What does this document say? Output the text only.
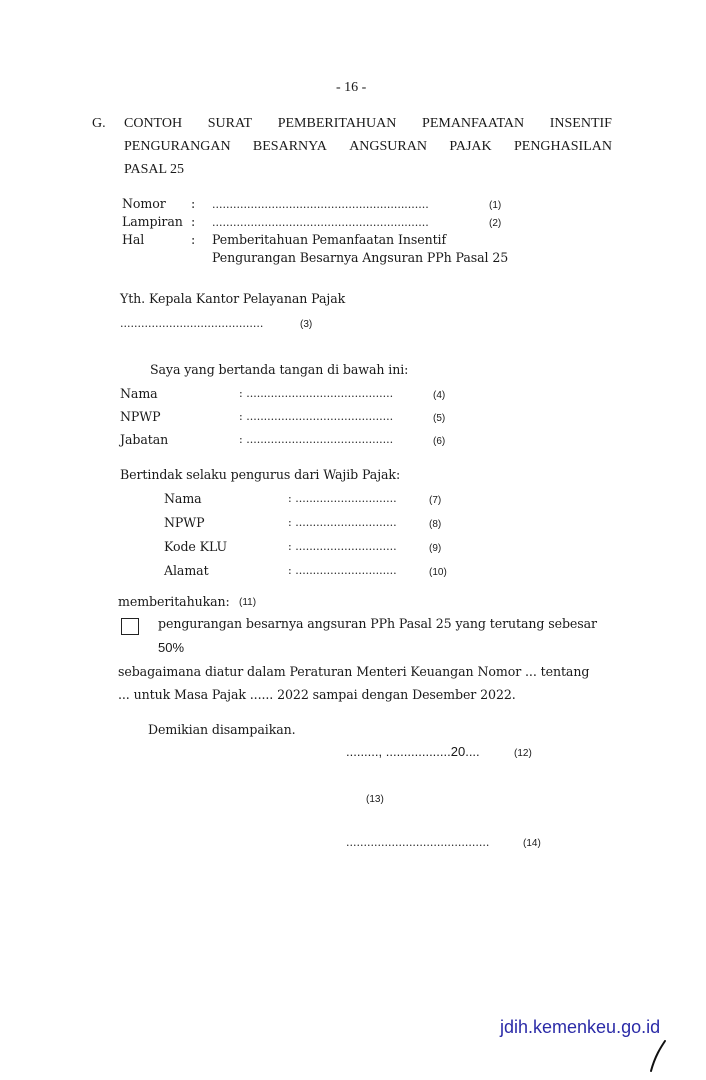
- 16 -
G. CONTOH SURAT PEMBERITAHUAN PEMANFAATAN INSENTIF
PENGURANGAN BESARNYA ANGSURAN PAJAK PENGHASILAN
PASAL 25
Nomor : ..............................................................	(1)
Lampiran : ..............................................................	(2)
Hal	: Pemberitahuan Pemanfaatan Insentif
Pengurangan Besarnya Angsuran PPh Pasal 25
Yth. Kepala Kantor Pelayanan Pajak
.........................................	(3)
Saya yang bertanda tangan di bawah ini:
Nama	: ..........................................	(4)
NPWP	: ..........................................	(5)
Jabatan	: ..........................................	(6)
Bertindak selaku pengurus dari Wajib Pajak:
Nama	: .............................	(7)
NPWP	: .............................	(8)
Kode KLU	: .............................	(9)
Alamat	: .............................	(10)
memberitahukan: (11)
pengurangan besarnya angsuran PPh Pasal 25 yang terutang sebesar
50%
sebagaimana diatur dalam Peraturan Menteri Keuangan Nomor ... tentang
... untuk Masa Pajak ...... 2022 sampai dengan Desember 2022.
Demikian disampaikan.
........., ..................20....	(12)
(13)
.........................................	(14)
jdih.kemenkeu.go.id
